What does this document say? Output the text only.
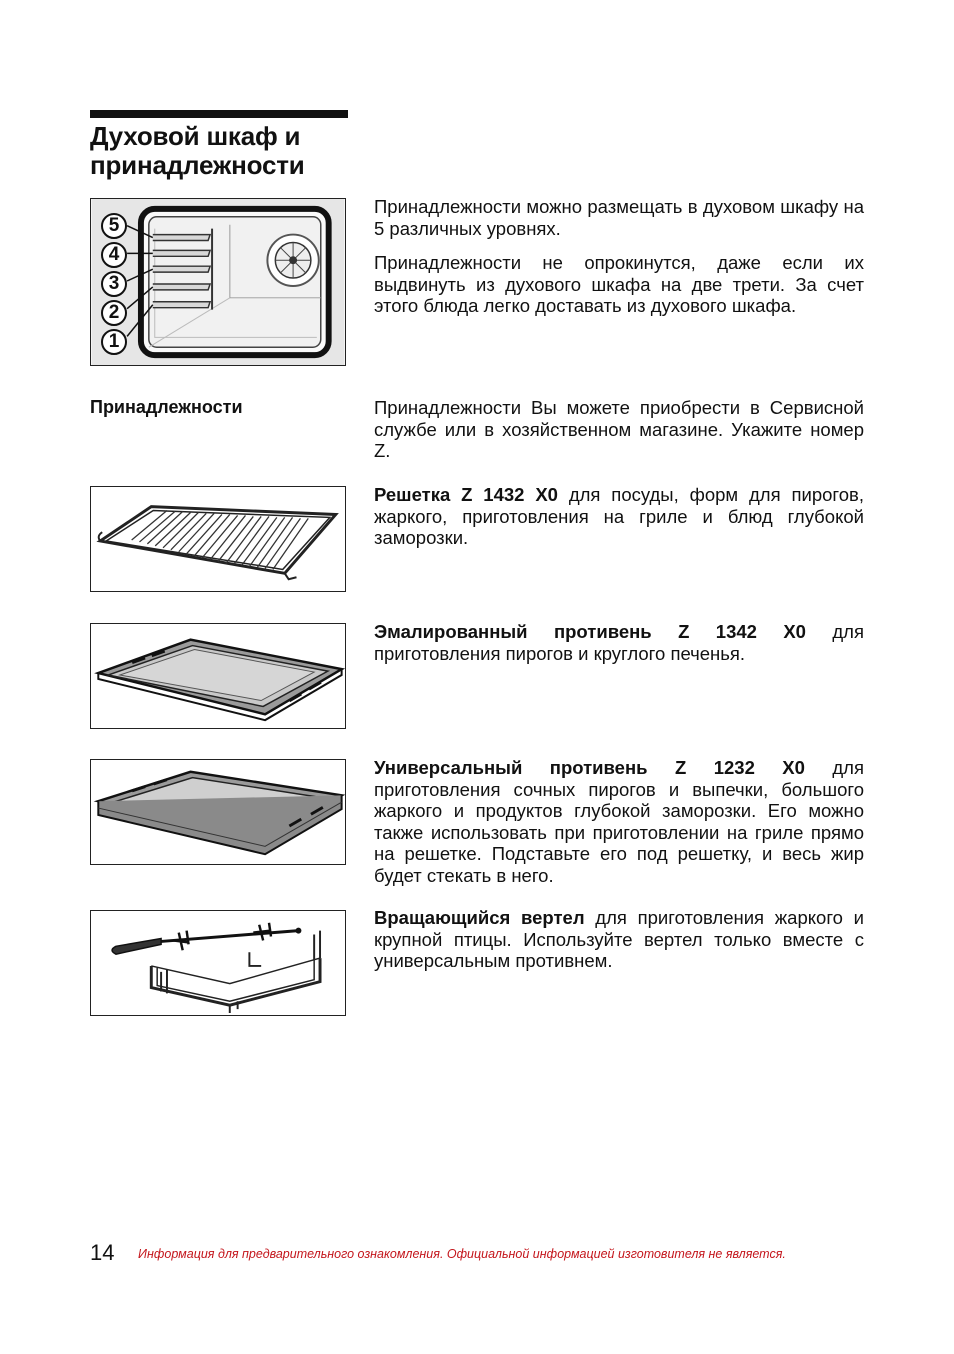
Духовой шкаф и
принадлежности
5
4
3
2
1

Принадлежности можно размещать в духовом шкафу на 5 различных уровнях.

Принадлежности не опрокинутся, даже если их выдвинуть из духового шкафа на две трети. За счет этого блюда легко доставать из духового шкафа.

Принадлежности	Принадлежности Вы можете приобрести в Сервисной службе или в хозяйственном магазине. Укажите номер Z.

Решетка Z 1432 X0 для посуды, форм для пирогов, жаркого, приготовления на гриле и блюд глубокой заморозки.

Эмалированный противень Z 1342 X0 для приготовления пирогов и круглого печенья.

Универсальный противень Z 1232 X0 для приготовления сочных пирогов и выпечки, большого жаркого и продуктов глубокой заморозки. Его можно также использовать при приготовлении на гриле прямо на решетке. Подставьте его под решетку, и весь жир будет стекать в него.

Вращающийся вертел для приготовления жаркого и крупной птицы. Используйте вертел только вместе с универсальным противнем.

14 Информация для предварительного ознакомления. Официальной информацией изготовителя не является.
